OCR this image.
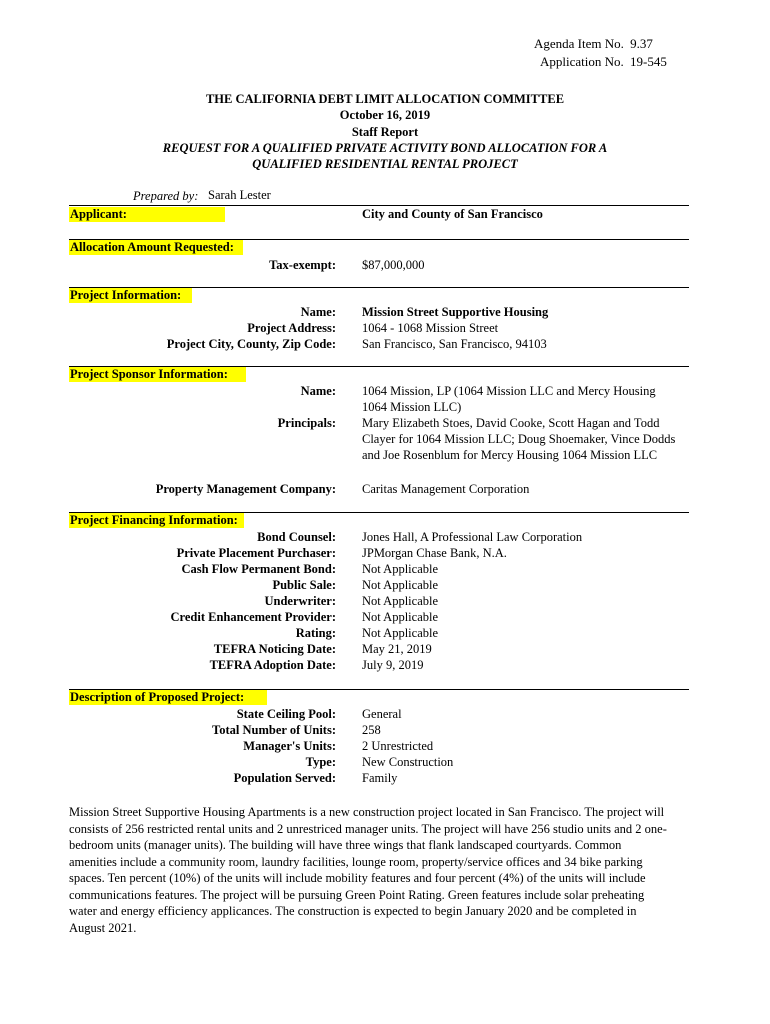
Agenda Item No. 9.37
Application No. 19-545
THE CALIFORNIA DEBT LIMIT ALLOCATION COMMITTEE
October 16, 2019
Staff Report
REQUEST FOR A QUALIFIED PRIVATE ACTIVITY BOND ALLOCATION FOR A
QUALIFIED RESIDENTIAL RENTAL PROJECT
Prepared by: Sarah Lester
Applicant:	City and County of San Francisco
Allocation Amount Requested:
Tax-exempt: $87,000,000
Project Information:
Name:
Project Address:
Project City, County, Zip Code:
Mission Street Supportive Housing
1064 - 1068 Mission Street
San Francisco, San Francisco, 94103
Project Sponsor Information:
Name: 1064 Mission, LP (1064 Mission LLC and Mercy Housing
1064 Mission LLC)
Principals: Mary Elizabeth Stoes, David Cooke, Scott Hagan and Todd
Clayer for 1064 Mission LLC; Doug Shoemaker, Vince Dodds
and Joe Rosenblum for Mercy Housing 1064 Mission LLC
Property Management Company: Caritas Management Corporation
Project Financing Information:
Bond Counsel:
Private Placement Purchaser:
Cash Flow Permanent Bond:
Public Sale:
Underwriter:
Credit Enhancement Provider:
Rating:
TEFRA Noticing Date:
TEFRA Adoption Date:
Jones Hall, A Professional Law Corporation
JPMorgan Chase Bank, N.A.
Not Applicable
Not Applicable
Not Applicable
Not Applicable
Not Applicable
May 21, 2019
July 9, 2019
Description of Proposed Project:
State Ceiling Pool:
Total Number of Units:
Manager's Units:
Type:
Population Served:
General
258
2 Unrestricted
New Construction
Family
Mission Street Supportive Housing Apartments is a new construction project located in San Francisco. The project will
consists of 256 restricted rental units and 2 unrestriced manager units. The project will have 256 studio units and 2 one-
bedroom units (manager units). The building will have three wings that flank landscaped courtyards. Common
amenities include a community room, laundry facilities, lounge room, property/service offices and 34 bike parking
spaces. Ten percent (10%) of the units will include mobility features and four percent (4%) of the units will include
communications features. The project will be pursuing Green Point Rating. Green features include solar preheating
water and energy efficiency applicances. The construction is expected to begin January 2020 and be completed in
August 2021.
